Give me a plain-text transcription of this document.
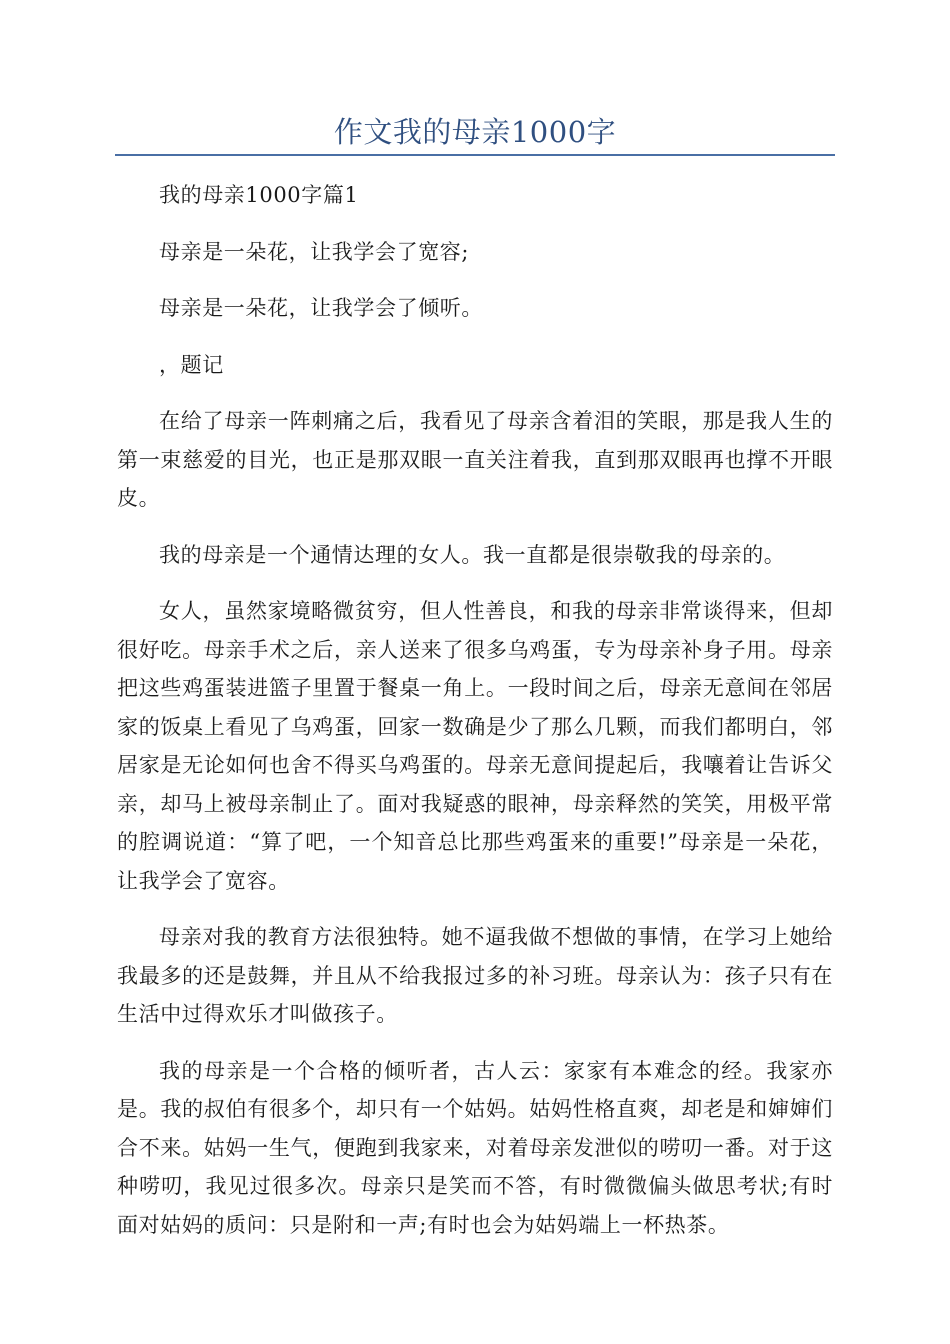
作文我的母亲1000字

我的母亲1000字篇1

母亲是一朵花，让我学会了宽容;

母亲是一朵花，让我学会了倾听。

，题记

在给了母亲一阵刺痛之后，我看见了母亲含着泪的笑眼，那是我人生的第一束慈爱的目光，也正是那双眼一直关注着我，直到那双眼再也撑不开眼皮。

我的母亲是一个通情达理的女人。我一直都是很崇敬我的母亲的。

女人，虽然家境略微贫穷，但人性善良，和我的母亲非常谈得来，但却很好吃。母亲手术之后，亲人送来了很多乌鸡蛋，专为母亲补身子用。母亲把这些鸡蛋装进篮子里置于餐桌一角上。一段时间之后，母亲无意间在邻居家的饭桌上看见了乌鸡蛋，回家一数确是少了那么几颗，而我们都明白，邻居家是无论如何也舍不得买乌鸡蛋的。母亲无意间提起后，我嚷着让告诉父亲，却马上被母亲制止了。面对我疑惑的眼神，母亲释然的笑笑，用极平常的腔调说道：“算了吧，一个知音总比那些鸡蛋来的重要!”母亲是一朵花，让我学会了宽容。

母亲对我的教育方法很独特。她不逼我做不想做的事情，在学习上她给我最多的还是鼓舞，并且从不给我报过多的补习班。母亲认为：孩子只有在生活中过得欢乐才叫做孩子。

我的母亲是一个合格的倾听者，古人云：家家有本难念的经。我家亦是。我的叔伯有很多个，却只有一个姑妈。姑妈性格直爽，却老是和婶婶们合不来。姑妈一生气，便跑到我家来，对着母亲发泄似的唠叨一番。对于这种唠叨，我见过很多次。母亲只是笑而不答，有时微微偏头做思考状;有时面对姑妈的质问：只是附和一声;有时也会为姑妈端上一杯热茶。
